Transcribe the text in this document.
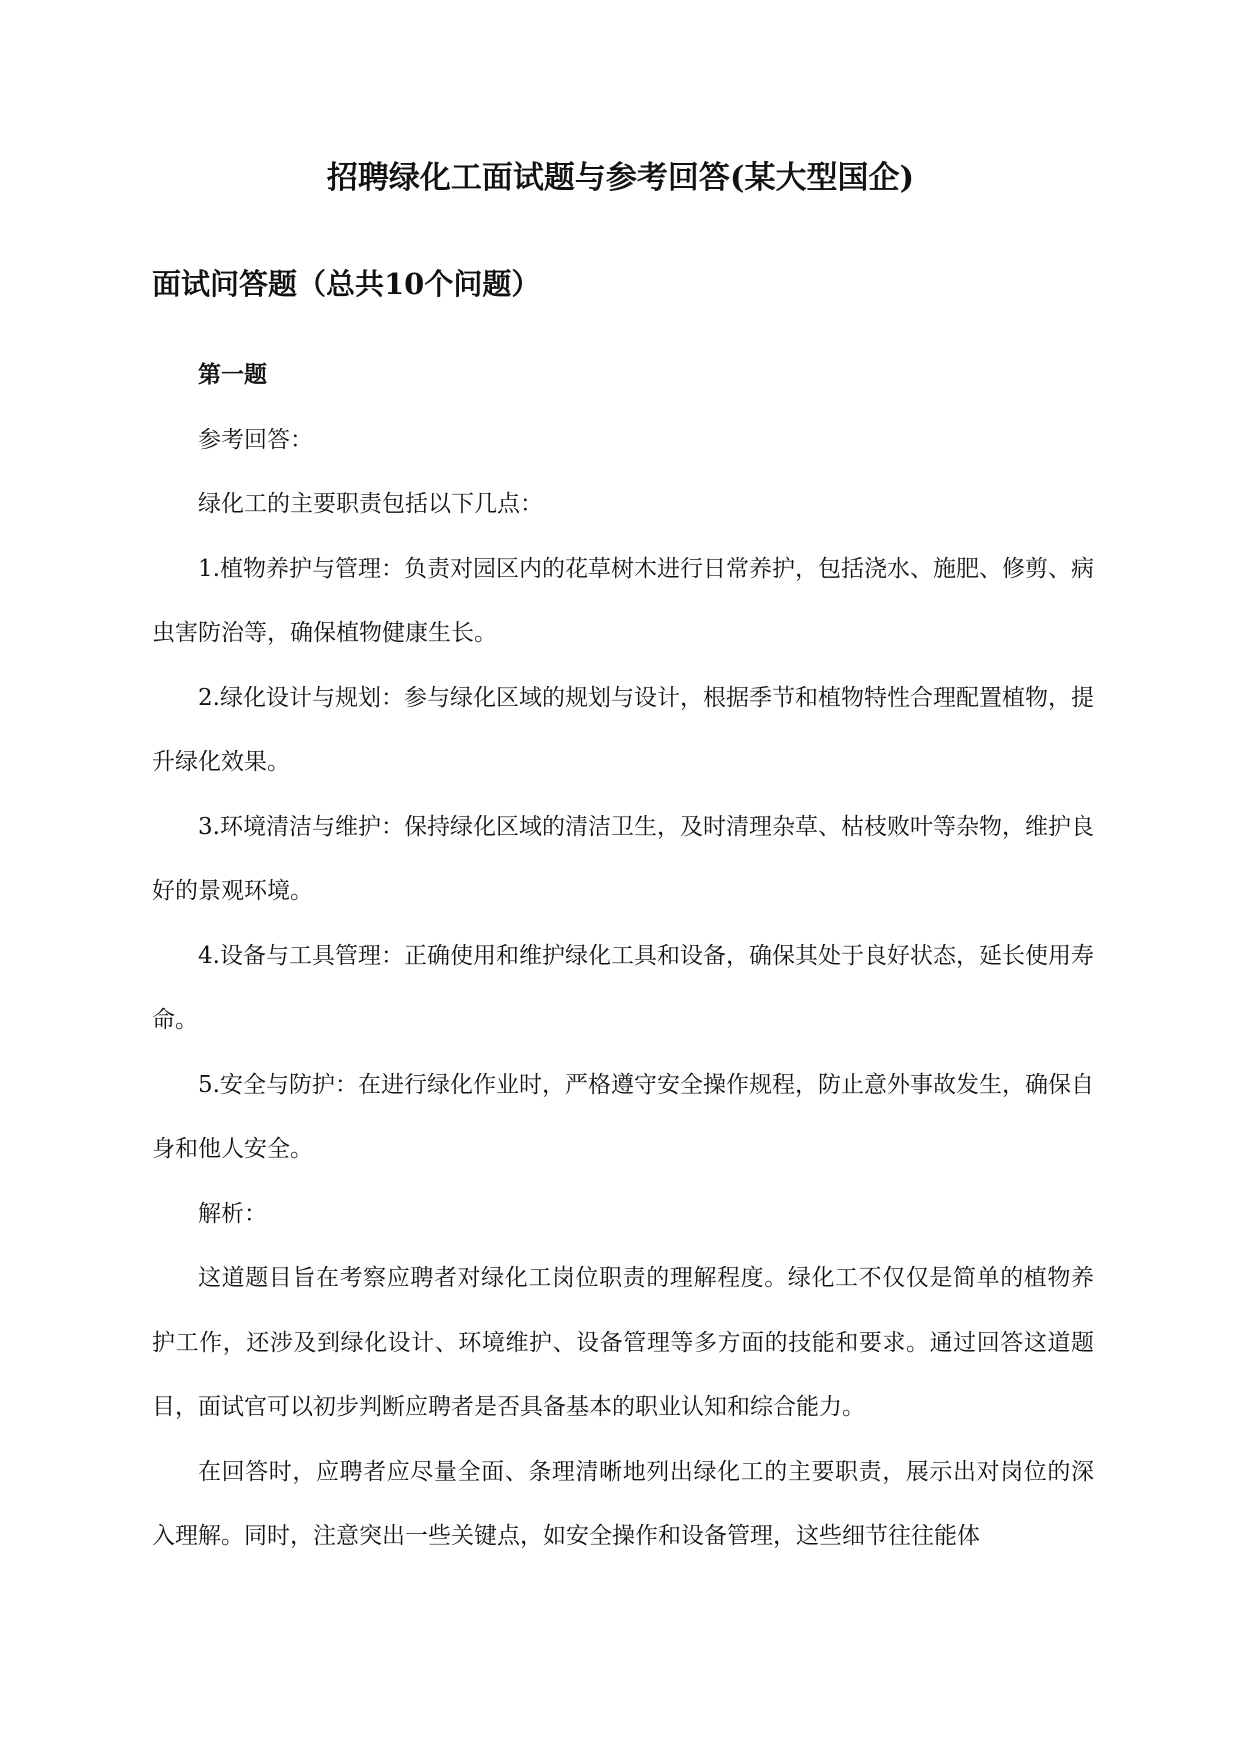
招聘绿化工面试题与参考回答(某大型国企)
面试问答题（总共10个问题）

第一题

参考回答：

绿化工的主要职责包括以下几点：

1.植物养护与管理：负责对园区内的花草树木进行日常养护，包括浇水、施肥、修剪、病虫害防治等，确保植物健康生长。

2.绿化设计与规划：参与绿化区域的规划与设计，根据季节和植物特性合理配置植物，提升绿化效果。

3.环境清洁与维护：保持绿化区域的清洁卫生，及时清理杂草、枯枝败叶等杂物，维护良好的景观环境。

4.设备与工具管理：正确使用和维护绿化工具和设备，确保其处于良好状态，延长使用寿命。

5.安全与防护：在进行绿化作业时，严格遵守安全操作规程，防止意外事故发生，确保自身和他人安全。

解析：

这道题目旨在考察应聘者对绿化工岗位职责的理解程度。绿化工不仅仅是简单的植物养护工作，还涉及到绿化设计、环境维护、设备管理等多方面的技能和要求。通过回答这道题目，面试官可以初步判断应聘者是否具备基本的职业认知和综合能力。

在回答时，应聘者应尽量全面、条理清晰地列出绿化工的主要职责，展示出对岗位的深入理解。同时，注意突出一些关键点，如安全操作和设备管理，这些细节往往能体
